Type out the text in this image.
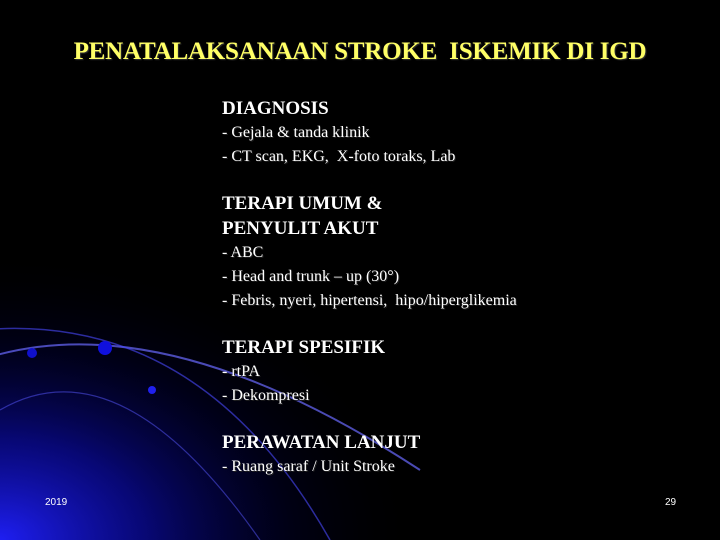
PENATALAKSANAAN STROKE  ISKEMIK DI IGD
DIAGNOSIS
- Gejala & tanda klinik
- CT scan, EKG,  X-foto toraks, Lab
TERAPI UMUM &
PENYULIT AKUT
- ABC
- Head and trunk – up (30°)
- Febris, nyeri, hipertensi,  hipo/hiperglikemia
TERAPI SPESIFIK
- rtPA
- Dekompresi
PERAWATAN LANJUT
- Ruang saraf / Unit Stroke
2019	29
